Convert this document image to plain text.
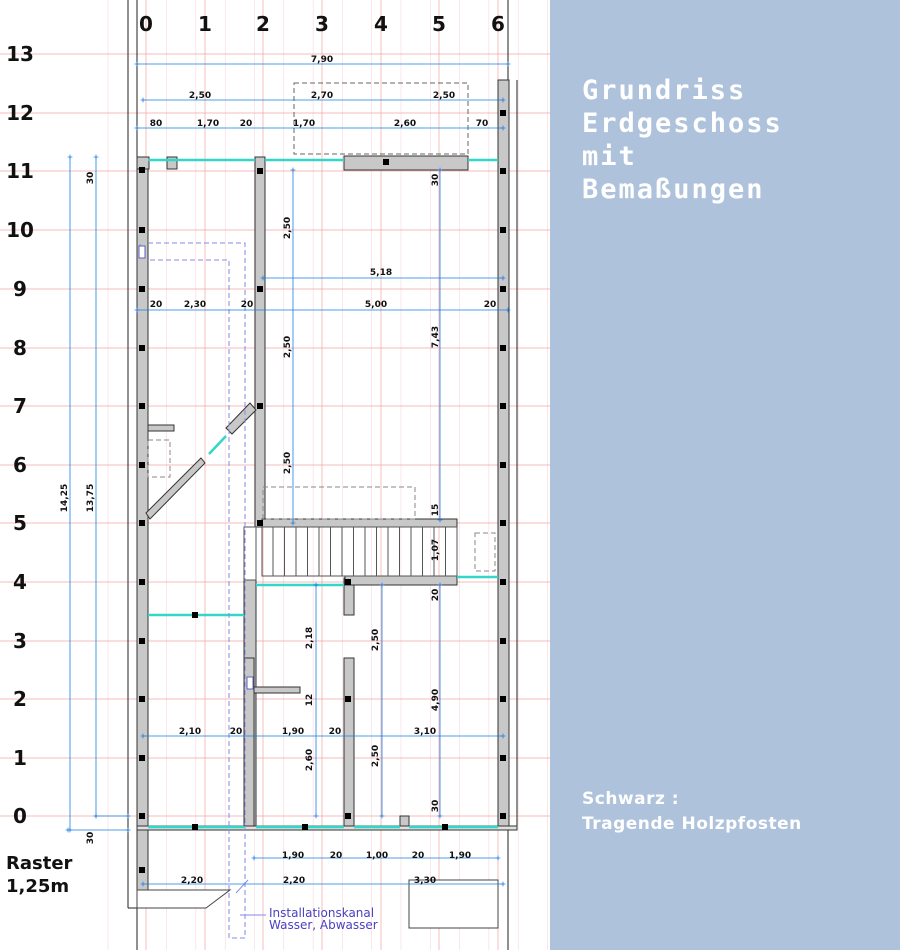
0 1 2 3 4 5 6
13
12
11
10
9
8
7
6
5
4
3
2
1
0
7,90
2,50	2,70	2,50
80	1,70 20	1,70	2,60	70
5,18
20 2,30	20	5,00	20
2,10	20	1,90	20	3,10
1,90	20	1,00	20	1,90
2,20	2,20	3,30
30
14,25 13,75
2,50
2,50
2,50
30
7,43
15
1,07
20
2,18
12
2,60
2,50
2,50
4,90
30
30
Raster
1,25m
Installationskanal
Wasser, Abwasser
Grundriss
Erdgeschoss
mit
Bemaßungen
Schwarz :
Tragende Holzpfosten
